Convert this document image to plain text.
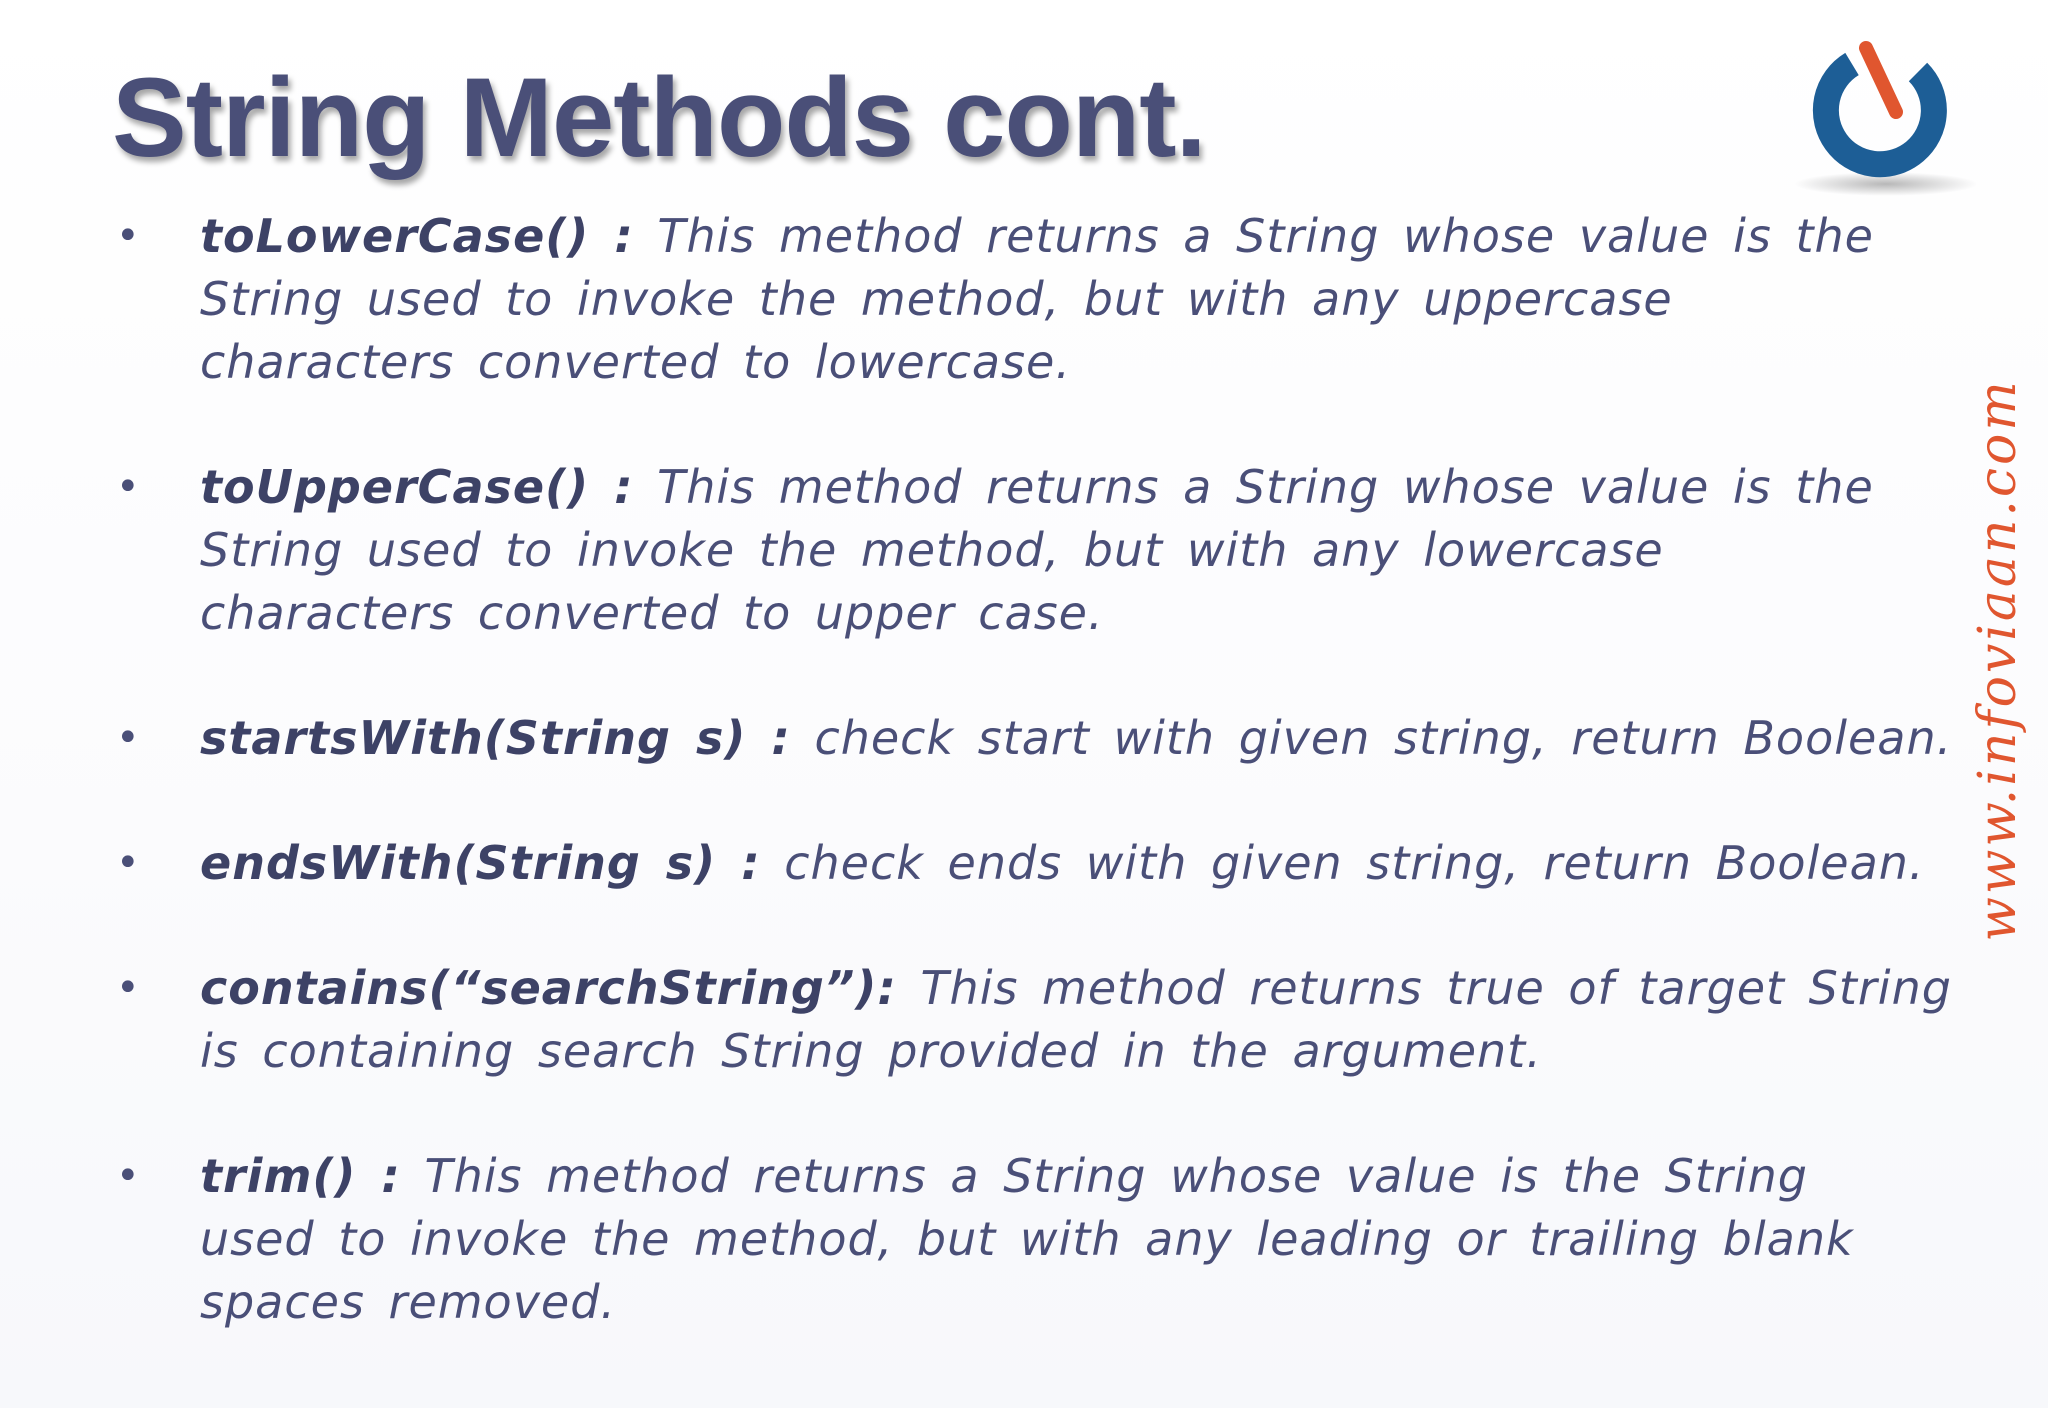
String Methods cont.
• toLowerCase() : This method returns a String whose value is the String used to invoke the method, but with any uppercase characters converted to lowercase.
• toUpperCase() : This method returns a String whose value is the String used to invoke the method, but with any lowercase characters converted to upper case.
• startsWith(String s) : check start with given string, return Boolean.
• endsWith(String s) : check ends with given string, return Boolean.
• contains(“searchString”): This method returns true of target String is containing search String provided in the argument.
• trim() : This method returns a String whose value is the String used to invoke the method, but with any leading or trailing blank spaces removed.
www.infoviaan.com
